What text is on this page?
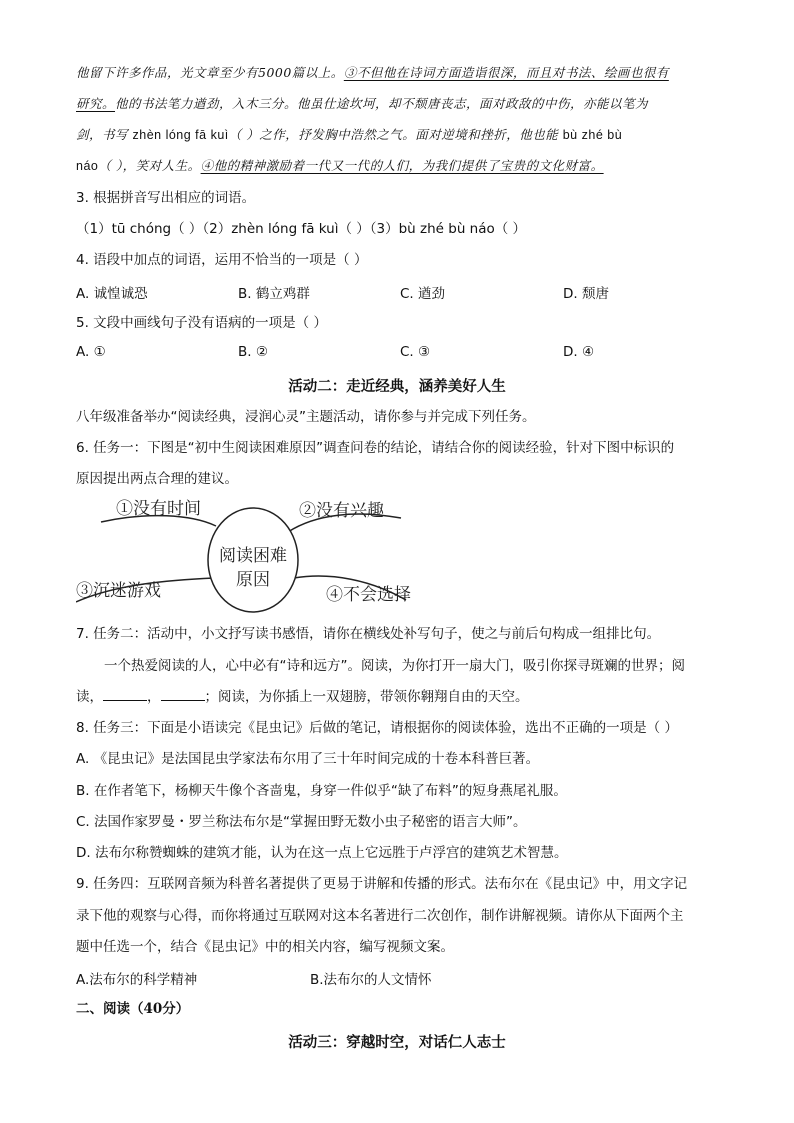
他留下许多作品，光文章至少有5000篇以上。③不但他在诗词方面造诣很深，而且对书法、绘画也很有
研究。他的书法笔力遒劲，入木三分。他虽仕途坎坷，却不颓唐丧志，面对政敌的中伤，亦能以笔为
剑，书写 zhèn lóng fā kuì（ ）之作，抒发胸中浩然之气。面对逆境和挫折，他也能 bù zhé bù
náo（ ），笑对人生。④他的精神激励着一代又一代的人们，为我们提供了宝贵的文化财富。
3. 根据拼音写出相应的词语。
（1）tū chóng（ ）（2）zhèn lóng fā kuì（ ）（3）bù zhé bù náo（ ）
4. 语段中加点的词语，运用不恰当的一项是（ ）
A. 诚惶诚恐	B. 鹤立鸡群	C. 遒劲	D. 颓唐
5. 文段中画线句子没有语病的一项是（ ）
A. ①	B. ②	C. ③	D. ④
活动二：走近经典，涵养美好人生
八年级准备举办“阅读经典，浸润心灵”主题活动，请你参与并完成下列任务。
6. 任务一：下图是“初中生阅读困难原因”调查问卷的结论，请结合你的阅读经验，针对下图中标识的
原因提出两点合理的建议。
阅读困难
原因
①没有时间	②没有兴趣
③沉迷游戏	④不会选择
7. 任务二：活动中，小文抒写读书感悟，请你在横线处补写句子，使之与前后句构成一组排比句。
一个热爱阅读的人，心中必有“诗和远方”。阅读，为你打开一扇大门，吸引你探寻斑斓的世界；阅
读，	，	；阅读，为你插上一双翅膀，带领你翱翔自由的天空。
8. 任务三：下面是小语读完《昆虫记》后做的笔记，请根据你的阅读体验，选出不正确的一项是（ ）
A. 《昆虫记》是法国昆虫学家法布尔用了三十年时间完成的十卷本科普巨著。
B. 在作者笔下，杨柳天牛像个吝啬鬼，身穿一件似乎“缺了布料”的短身燕尾礼服。
C. 法国作家罗曼・罗兰称法布尔是“掌握田野无数小虫子秘密的语言大师”。
D. 法布尔称赞蜘蛛的建筑才能，认为在这一点上它远胜于卢浮宫的建筑艺术智慧。
9. 任务四：互联网音频为科普名著提供了更易于讲解和传播的形式。法布尔在《昆虫记》中，用文字记
录下他的观察与心得，而你将通过互联网对这本名著进行二次创作，制作讲解视频。请你从下面两个主
题中任选一个，结合《昆虫记》中的相关内容，编写视频文案。
A.法布尔的科学精神	B.法布尔的人文情怀
二、阅读（40分）
活动三：穿越时空，对话仁人志士
